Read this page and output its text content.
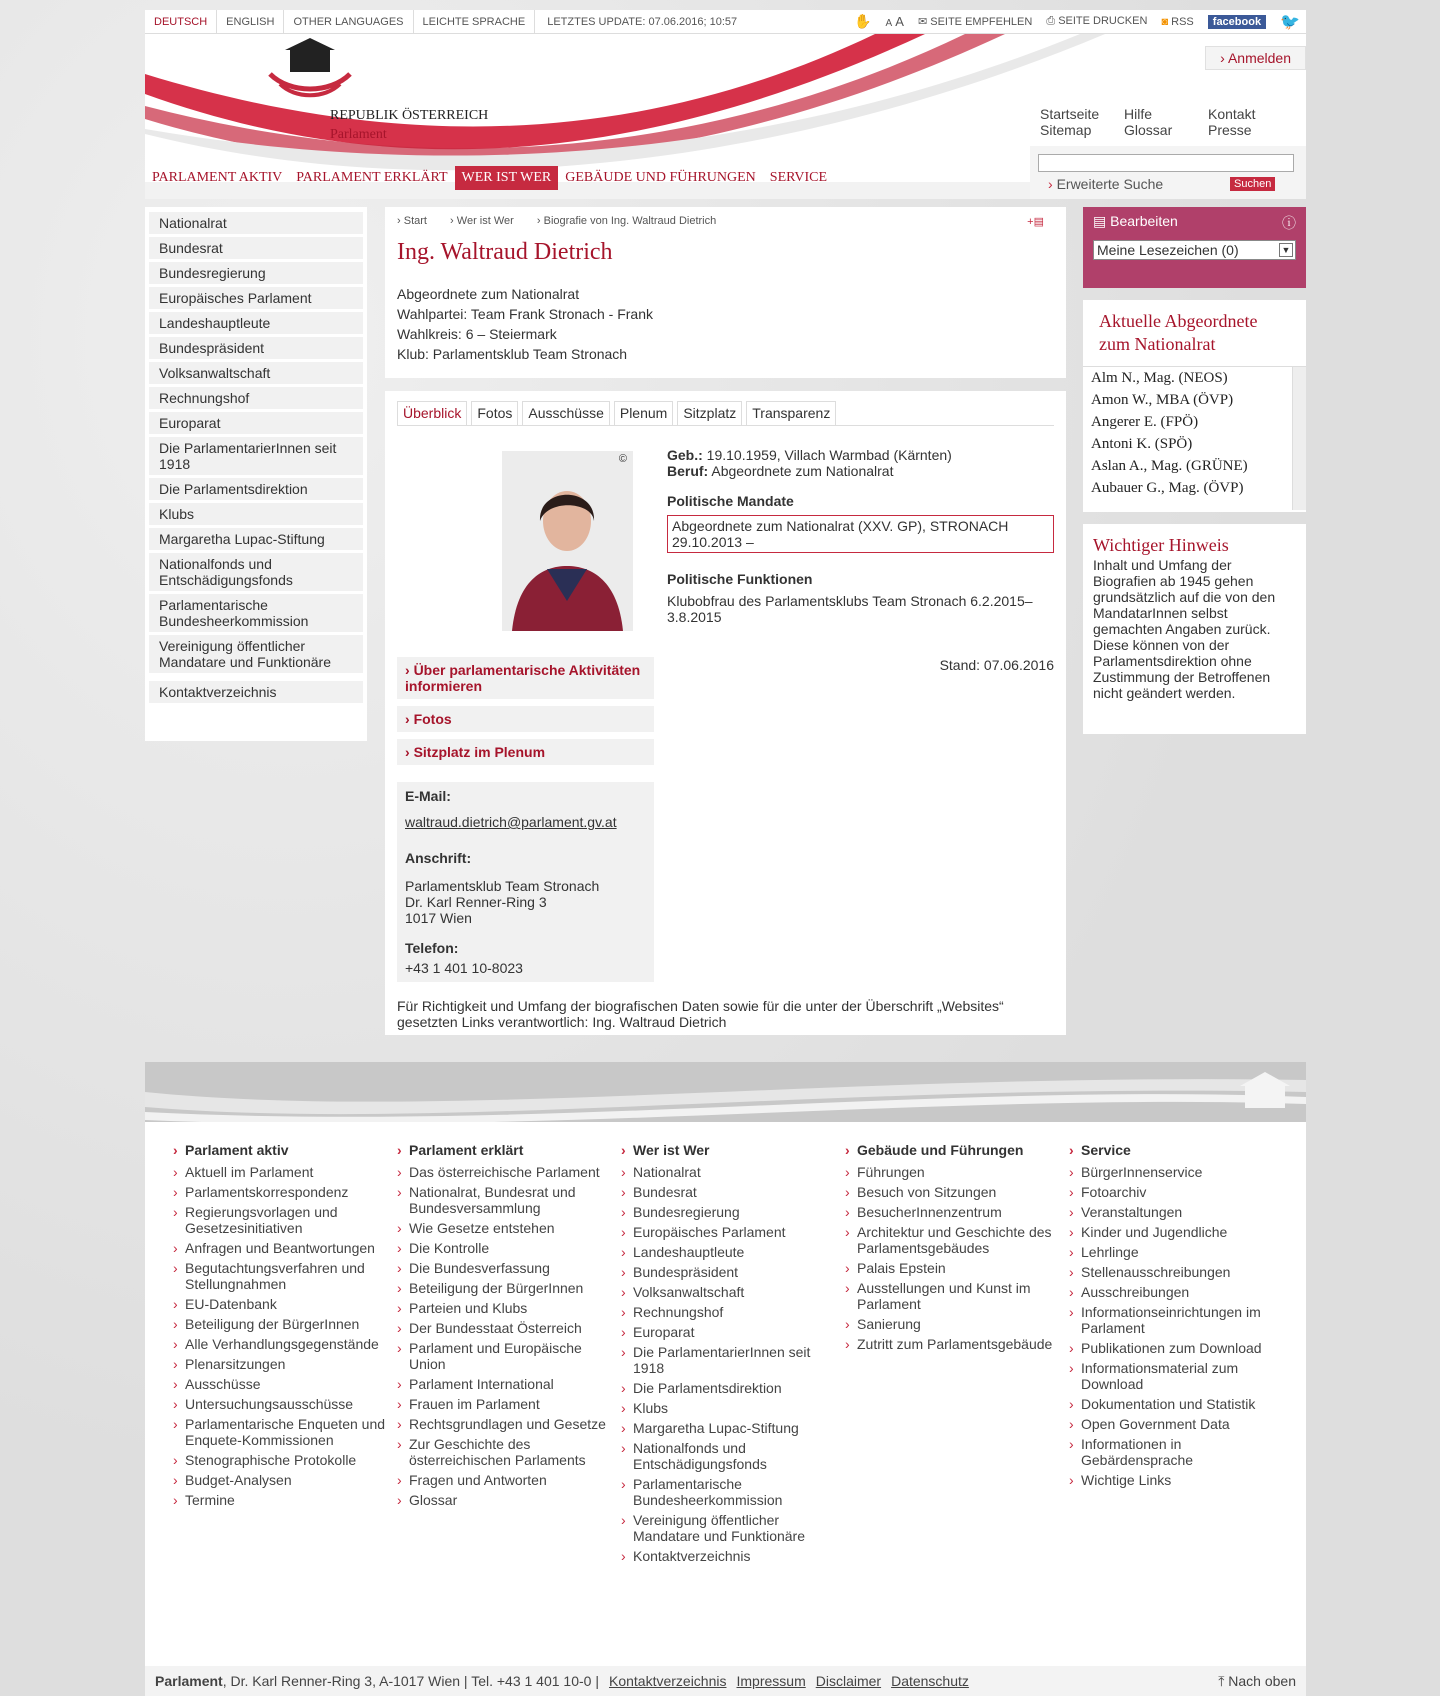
DEUTSCH	ENGLISH	OTHER LANGUAGES	LEICHTE SPRACHE	LETZTES UPDATE: 07.06.2016; 10:57	✋ A A ✉ SEITE EMPFEHLEN ⎙ SEITE DRUCKEN ◙ RSS	facebook	🐦
REPUBLIK ÖSTERREICH
Parlament
› Anmelden
Startseite	Hilfe	Kontakt
Sitemap	Glossar	Presse
PARLAMENT AKTIV	PARLAMENT ERKLÄRT	WER IST WER	GEBÄUDE UND FÜHRUNGEN	SERVICE	› Erweiterte Suche	Suchen
Nationalrat
Bundesrat
Bundesregierung
Europäisches Parlament
Landeshauptleute
Bundespräsident
Volksanwaltschaft
Rechnungshof
Europarat
Die ParlamentarierInnen seit 1918
Die Parlamentsdirektion
Klubs
Margaretha Lupac-Stiftung
Nationalfonds und Entschädigungsfonds
Parlamentarische Bundesheerkommission
Vereinigung öffentlicher Mandatare und Funktionäre
Kontaktverzeichnis
› Start › Wer ist Wer › Biografie von Ing. Waltraud Dietrich	+▤
Ing. Waltraud Dietrich
Abgeordnete zum Nationalrat
Wahlpartei: Team Frank Stronach - Frank
Wahlkreis: 6 – Steiermark
Klub: Parlamentsklub Team Stronach
Überblick	Fotos	Ausschüsse	Plenum	Sitzplatz	Transparenz
©	Geb.: 19.10.1959, Villach Warmbad (Kärnten)
Beruf: Abgeordnete zum Nationalrat
Politische Mandate
Abgeordnete zum Nationalrat (XXV. GP), STRONACH 29.10.2013 –
Politische Funktionen
Klubobfrau des Parlamentsklubs Team Stronach 6.2.2015–3.8.2015
Stand: 07.06.2016
› Über parlamentarische Aktivitäten informieren
› Fotos
› Sitzplatz im Plenum
E-Mail:
waltraud.dietrich@parlament.gv.at
Anschrift:
Parlamentsklub Team Stronach
Dr. Karl Renner-Ring 3
1017 Wien
Telefon:
+43 1 401 10-8023
Für Richtigkeit und Umfang der biografischen Daten sowie für die unter der Überschrift „Websites“ gesetzten Links verantwortlich: Ing. Waltraud Dietrich
▤ Bearbeiten	ⓘ
Meine Lesezeichen (0)	▼
Aktuelle Abgeordnete zum Nationalrat
Alm N., Mag. (NEOS)
Amon W., MBA (ÖVP)
Angerer E. (FPÖ)
Antoni K. (SPÖ)
Aslan A., Mag. (GRÜNE)
Aubauer G., Mag. (ÖVP)
Wichtiger Hinweis

Inhalt und Umfang der Biografien ab 1945 gehen grundsätzlich auf die von den MandatarInnen selbst gemachten Angaben zurück. Diese können von der Parlamentsdirektion ohne Zustimmung der Betroffenen nicht geändert werden.

› Parlament aktiv
› Aktuell im Parlament
› Parlamentskorrespondenz
› Regierungsvorlagen und Gesetzesinitiativen
› Anfragen und Beantwortungen
› Begutachtungsverfahren und Stellungnahmen
› EU-Datenbank
› Beteiligung der BürgerInnen
› Alle Verhandlungsgegenstände
› Plenarsitzungen
› Ausschüsse
› Untersuchungsausschüsse
› Parlamentarische Enqueten und Enquete-Kommissionen
› Stenographische Protokolle
› Budget-Analysen
› Termine
› Parlament erklärt
› Das österreichische Parlament
› Nationalrat, Bundesrat und Bundesversammlung
› Wie Gesetze entstehen
› Die Kontrolle
› Die Bundesverfassung
› Beteiligung der BürgerInnen
› Parteien und Klubs
› Der Bundesstaat Österreich
› Parlament und Europäische Union
› Parlament International
› Frauen im Parlament
› Rechtsgrundlagen und Gesetze
› Zur Geschichte des österreichischen Parlaments
› Fragen und Antworten
› Glossar
› Wer ist Wer
› Nationalrat
› Bundesrat
› Bundesregierung
› Europäisches Parlament
› Landeshauptleute
› Bundespräsident
› Volksanwaltschaft
› Rechnungshof
› Europarat
› Die ParlamentarierInnen seit 1918
› Die Parlamentsdirektion
› Klubs
› Margaretha Lupac-Stiftung
› Nationalfonds und Entschädigungsfonds
› Parlamentarische Bundesheerkommission
› Vereinigung öffentlicher Mandatare und Funktionäre
› Kontaktverzeichnis
› Gebäude und Führungen
› Führungen
› Besuch von Sitzungen
› BesucherInnenzentrum
› Architektur und Geschichte des Parlamentsgebäudes
› Palais Epstein
› Ausstellungen und Kunst im Parlament
› Sanierung
› Zutritt zum Parlamentsgebäude
› Service
› BürgerInnenservice
› Fotoarchiv
› Veranstaltungen
› Kinder und Jugendliche
› Lehrlinge
› Stellenausschreibungen
› Ausschreibungen
› Informationseinrichtungen im Parlament
› Publikationen zum Download
› Informationsmaterial zum Download
› Dokumentation und Statistik
› Open Government Data
› Informationen in Gebärdensprache
› Wichtige Links
Parlament , Dr. Karl Renner-Ring 3, A-1017 Wien | Tel. +43 1 401 10-0 | Kontaktverzeichnis Impressum Disclaimer Datenschutz	⤒ Nach oben
